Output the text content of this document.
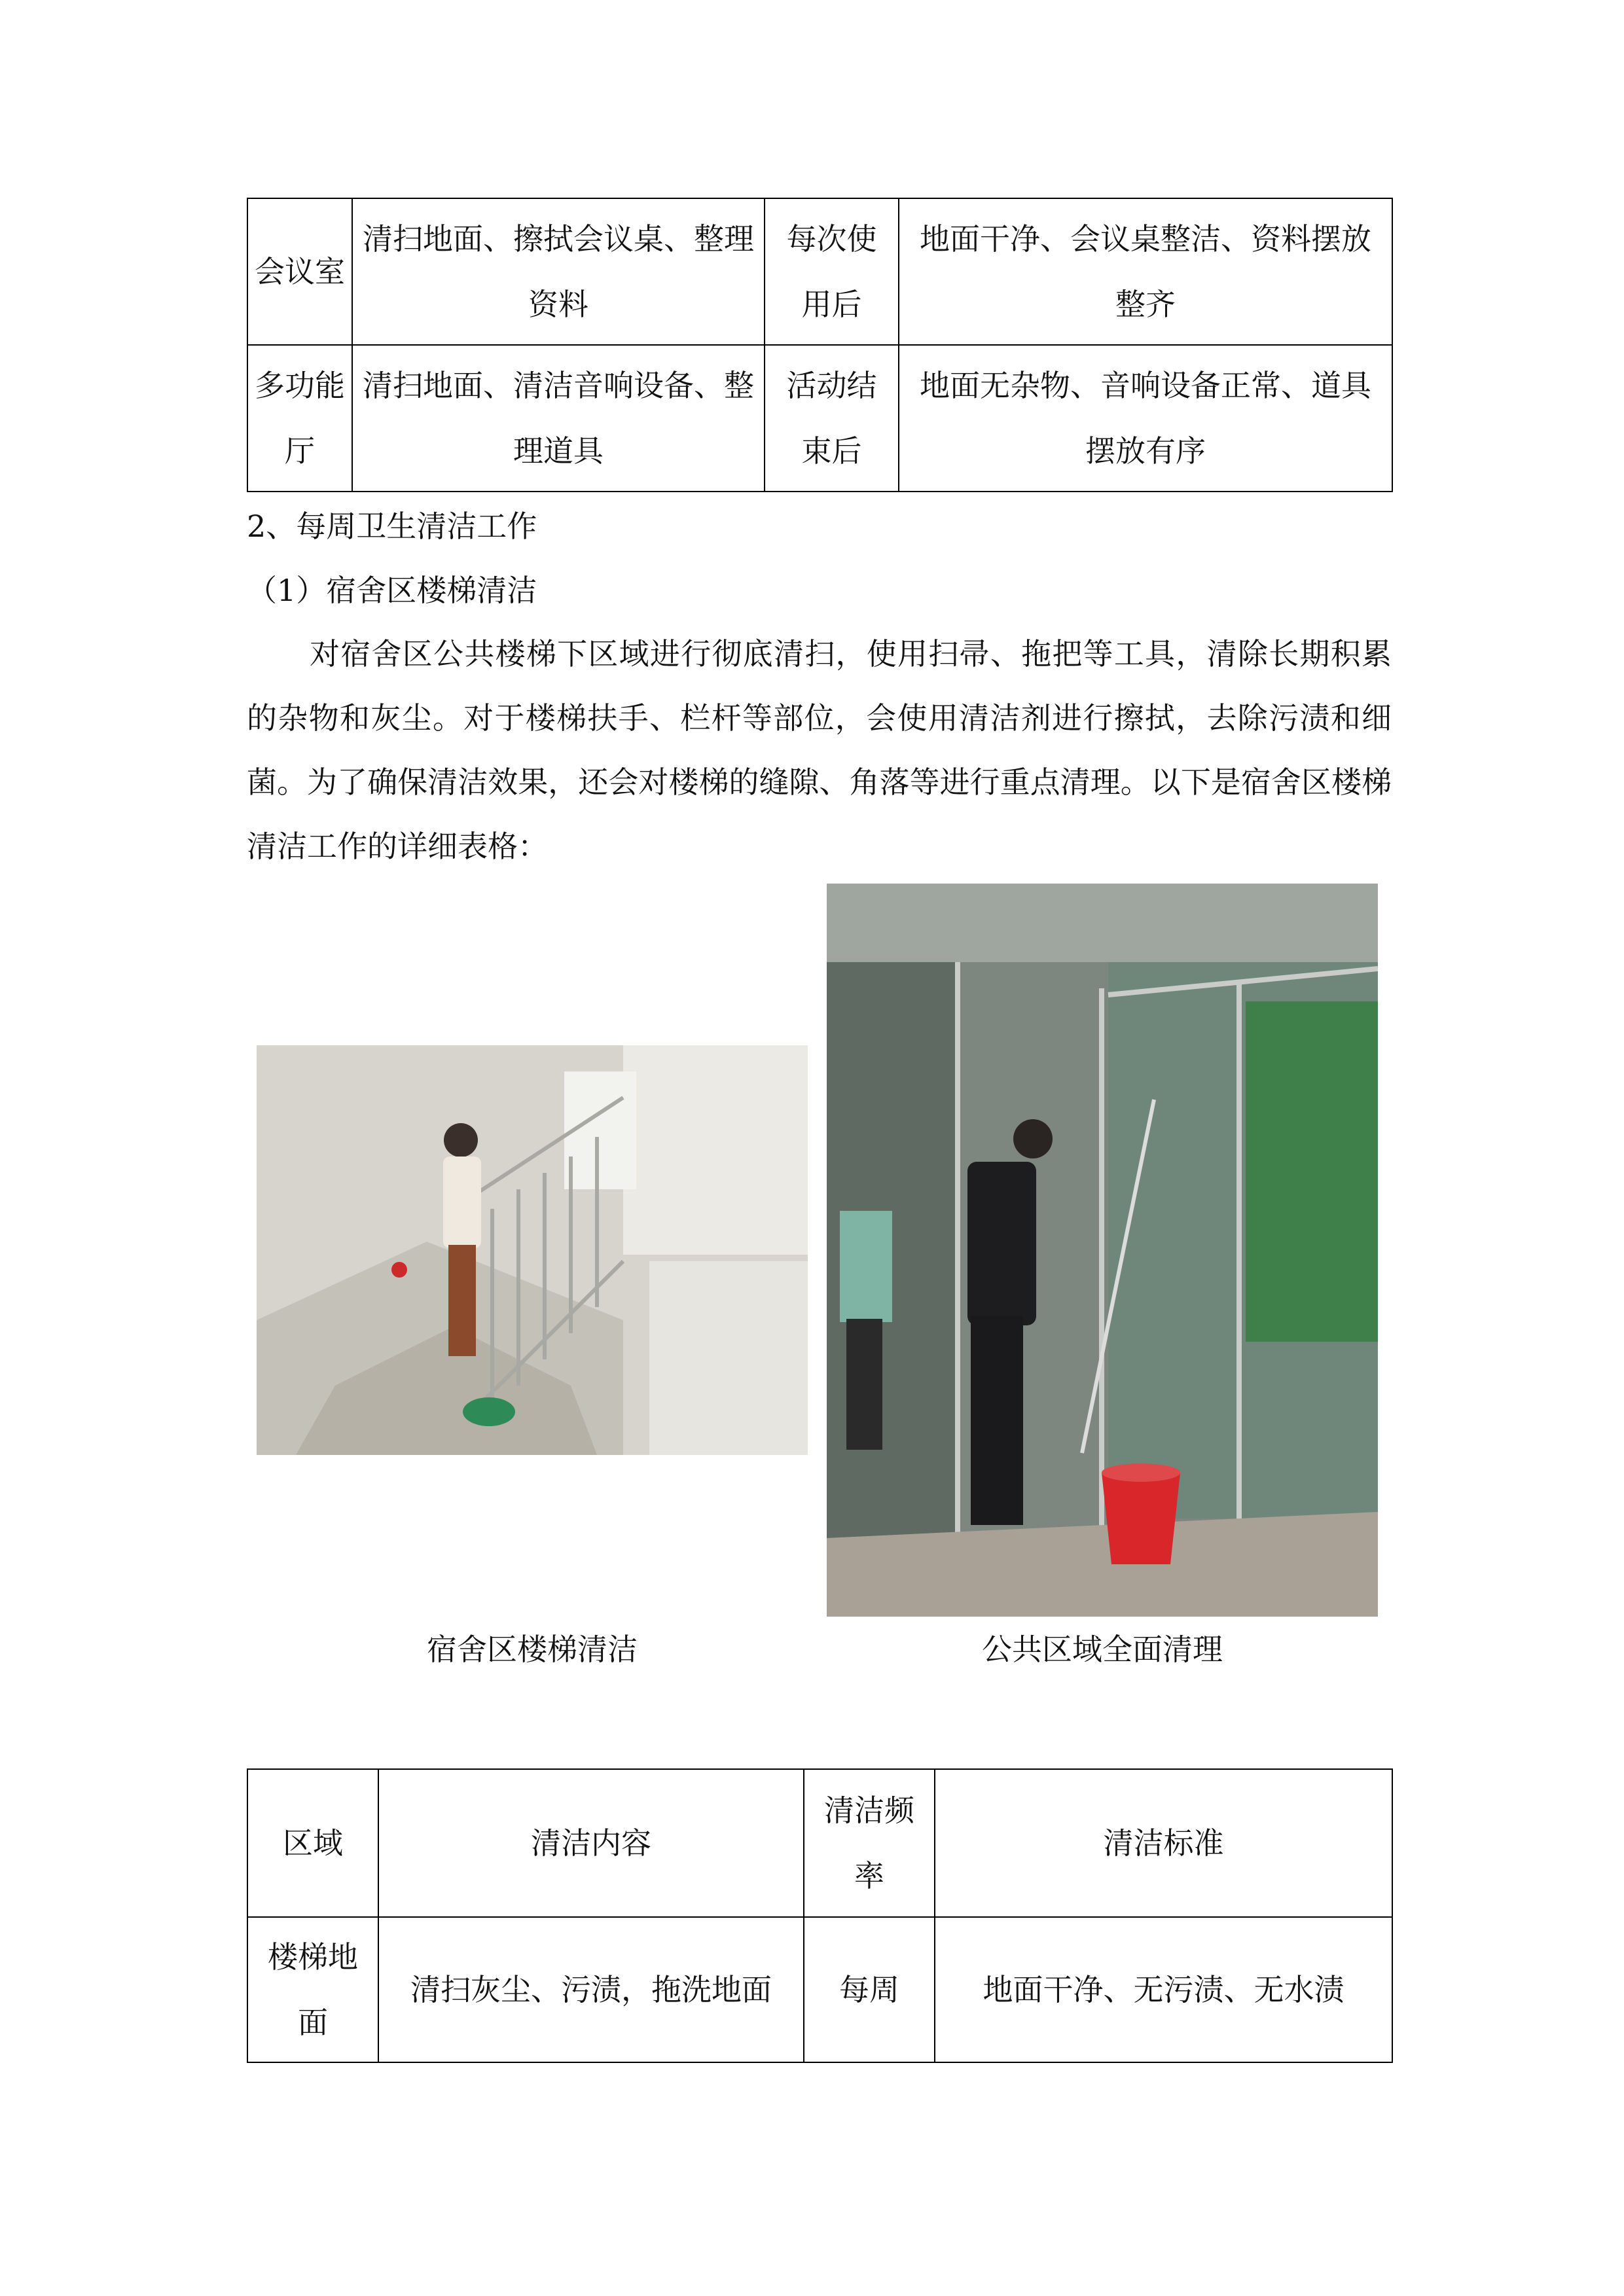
会议室	清扫地面、擦拭会议桌、整理资料	每次使用后	地面干净、会议桌整洁、资料摆放整齐
多功能厅	清扫地面、清洁音响设备、整理道具	活动结束后	地面无杂物、音响设备正常、道具摆放有序

2、每周卫生清洁工作

（1）宿舍区楼梯清洁

对宿舍区公共楼梯下区域进行彻底清扫，使用扫帚、拖把等工具，清除长期积累的杂物和灰尘。对于楼梯扶手、栏杆等部位，会使用清洁剂进行擦拭，去除污渍和细菌。为了确保清洁效果，还会对楼梯的缝隙、角落等进行重点清理。以下是宿舍区楼梯清洁工作的详细表格：

宿舍区楼梯清洁	公共区域全面清理

区域	清洁内容	清洁频率	清洁标准
楼梯地面	清扫灰尘、污渍，拖洗地面	每周	地面干净、无污渍、无水渍
